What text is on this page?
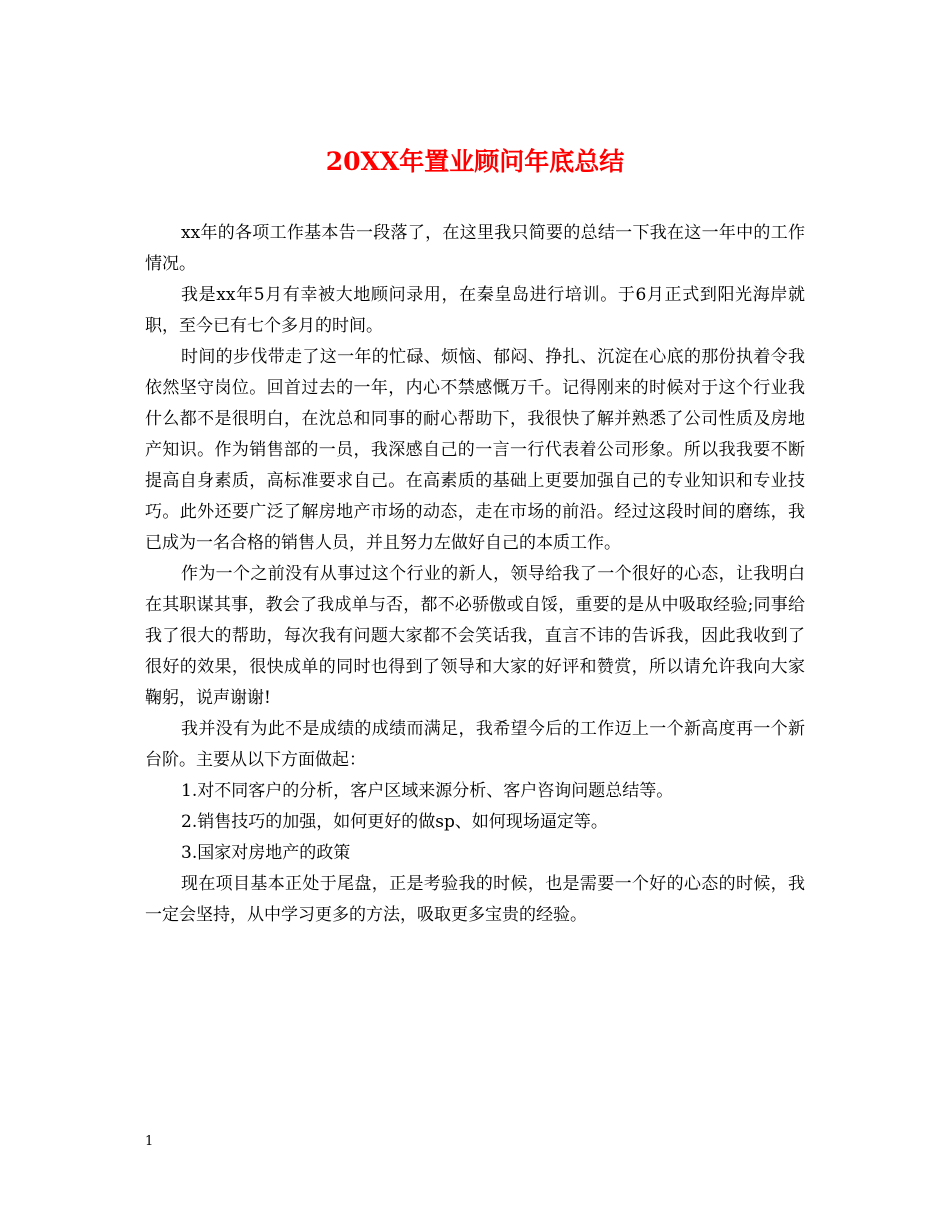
20XX年置业顾问年底总结

xx年的各项工作基本告一段落了，在这里我只简要的总结一下我在这一年中的工作情况。

我是xx年5月有幸被大地顾问录用，在秦皇岛进行培训。于6月正式到阳光海岸就职，至今已有七个多月的时间。

时间的步伐带走了这一年的忙碌、烦恼、郁闷、挣扎、沉淀在心底的那份执着令我依然坚守岗位。回首过去的一年，内心不禁感慨万千。记得刚来的时候对于这个行业我什么都不是很明白，在沈总和同事的耐心帮助下，我很快了解并熟悉了公司性质及房地产知识。作为销售部的一员，我深感自己的一言一行代表着公司形象。所以我我要不断提高自身素质，高标准要求自己。在高素质的基础上更要加强自己的专业知识和专业技巧。此外还要广泛了解房地产市场的动态，走在市场的前沿。经过这段时间的磨练，我已成为一名合格的销售人员，并且努力左做好自己的本质工作。

作为一个之前没有从事过这个行业的新人，领导给我了一个很好的心态，让我明白在其职谋其事，教会了我成单与否，都不必骄傲或自馁，重要的是从中吸取经验;同事给我了很大的帮助，每次我有问题大家都不会笑话我，直言不讳的告诉我，因此我收到了很好的效果，很快成单的同时也得到了领导和大家的好评和赞赏，所以请允许我向大家鞠躬，说声谢谢!

我并没有为此不是成绩的成绩而满足，我希望今后的工作迈上一个新高度再一个新台阶。主要从以下方面做起：

1.对不同客户的分析，客户区域来源分析、客户咨询问题总结等。

2.销售技巧的加强，如何更好的做sp、如何现场逼定等。

3.国家对房地产的政策

现在项目基本正处于尾盘，正是考验我的时候，也是需要一个好的心态的时候，我一定会坚持，从中学习更多的方法，吸取更多宝贵的经验。

1
